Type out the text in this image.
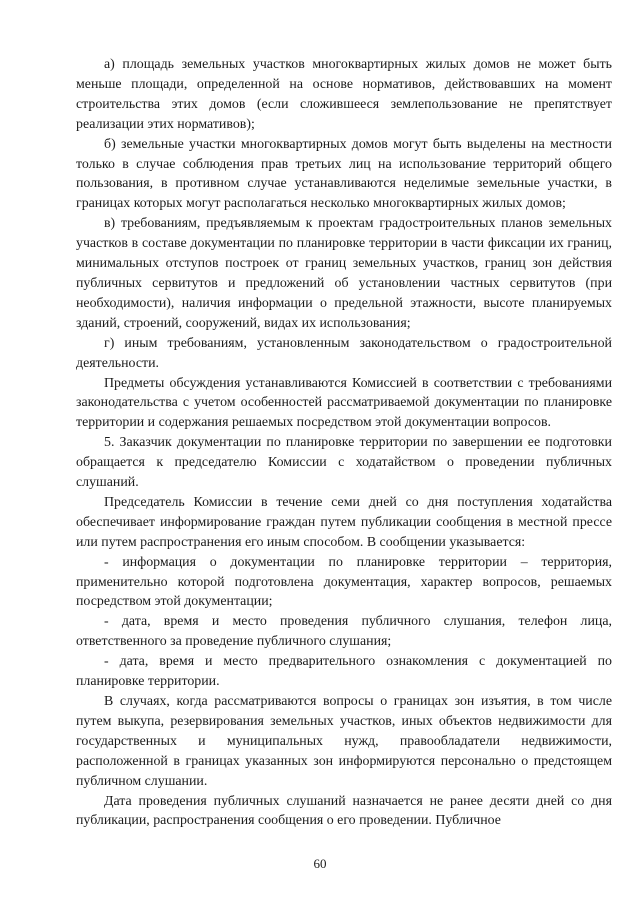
а) площадь земельных участков многоквартирных жилых домов не может быть меньше площади, определенной на основе нормативов, действовавших на момент строительства этих домов (если сложившееся землепользование не препятствует реализации этих нормативов);

б) земельные участки многоквартирных домов могут быть выделены на местности только в случае соблюдения прав третьих лиц на использование территорий общего пользования, в противном случае устанавливаются неделимые земельные участки, в границах которых могут располагаться несколько многоквартирных жилых домов;

в) требованиям, предъявляемым к проектам градостроительных планов земельных участков в составе документации по планировке территории в части фиксации их границ, минимальных отступов построек от границ земельных участков, границ зон действия публичных сервитутов и предложений об установлении частных сервитутов (при необходимости), наличия информации о предельной этажности, высоте планируемых зданий, строений, сооружений, видах их использования;

г) иным требованиям, установленным законодательством о градостроительной деятельности.

Предметы обсуждения устанавливаются Комиссией в соответствии с требованиями законодательства с учетом особенностей рассматриваемой документации по планировке территории и содержания решаемых посредством этой документации вопросов.

5. Заказчик документации по планировке территории по завершении ее подготовки обращается к председателю Комиссии с ходатайством о проведении публичных слушаний.

Председатель Комиссии в течение семи дней со дня поступления ходатайства обеспечивает информирование граждан путем публикации сообщения в местной прессе или путем распространения его иным способом. В сообщении указывается:

- информация о документации по планировке территории – территория, применительно которой подготовлена документация, характер вопросов, решаемых посредством этой документации;

- дата, время и место проведения публичного слушания, телефон лица, ответственного за проведение публичного слушания;

- дата, время и место предварительного ознакомления с документацией по планировке территории.

В случаях, когда рассматриваются вопросы о границах зон изъятия, в том числе путем выкупа, резервирования земельных участков, иных объектов недвижимости для государственных и муниципальных нужд, правообладатели недвижимости, расположенной в границах указанных зон информируются персонально о предстоящем публичном слушании.

Дата проведения публичных слушаний назначается не ранее десяти дней со дня публикации, распространения сообщения о его проведении. Публичное

60
